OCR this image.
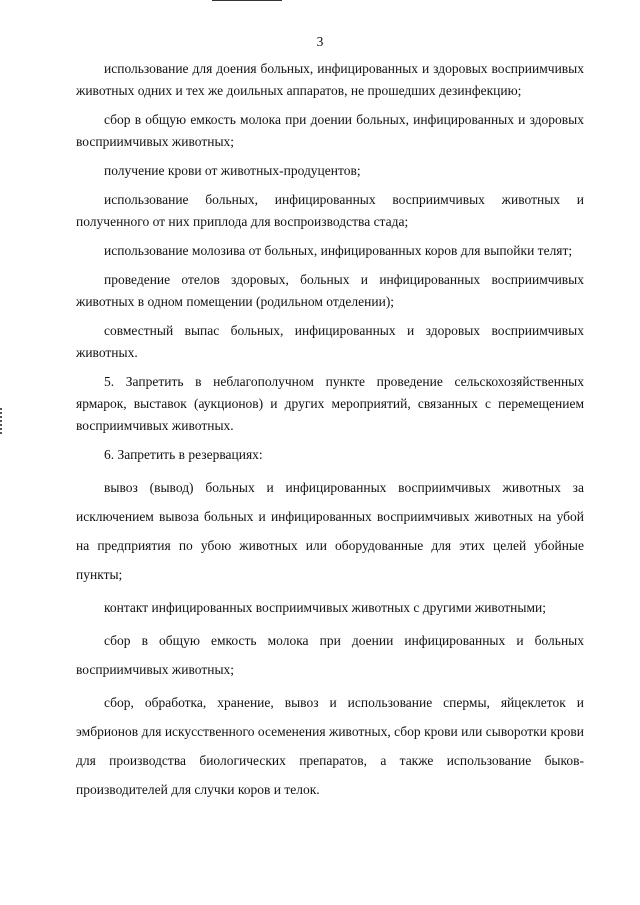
3

использование для доения больных, инфицированных и здоровых восприимчивых животных одних и тех же доильных аппаратов, не прошедших дезинфекцию;

сбор в общую емкость молока при доении больных, инфицированных и здоровых восприимчивых животных;

получение крови от животных-продуцентов;

использование больных, инфицированных восприимчивых животных и полученного от них приплода для воспроизводства стада;

использование молозива от больных, инфицированных коров для выпойки телят;

проведение отелов здоровых, больных и инфицированных восприимчивых животных в одном помещении (родильном отделении);

совместный выпас больных, инфицированных и здоровых восприимчивых животных.

5. Запретить в неблагополучном пункте проведение сельскохозяйственных ярмарок, выставок (аукционов) и других мероприятий, связанных с перемещением восприимчивых животных.

6. Запретить в резервациях:

вывоз (вывод) больных и инфицированных восприимчивых животных за исключением вывоза больных и инфицированных восприимчивых животных на убой на предприятия по убою животных или оборудованные для этих целей убойные пункты;

контакт инфицированных восприимчивых животных с другими животными;

сбор в общую емкость молока при доении инфицированных и больных восприимчивых животных;

сбор, обработка, хранение, вывоз и использование спермы, яйцеклеток и эмбрионов для искусственного осеменения животных, сбор крови или сыворотки крови для производства биологических препаратов, а также использование быков-производителей для случки коров и телок.
